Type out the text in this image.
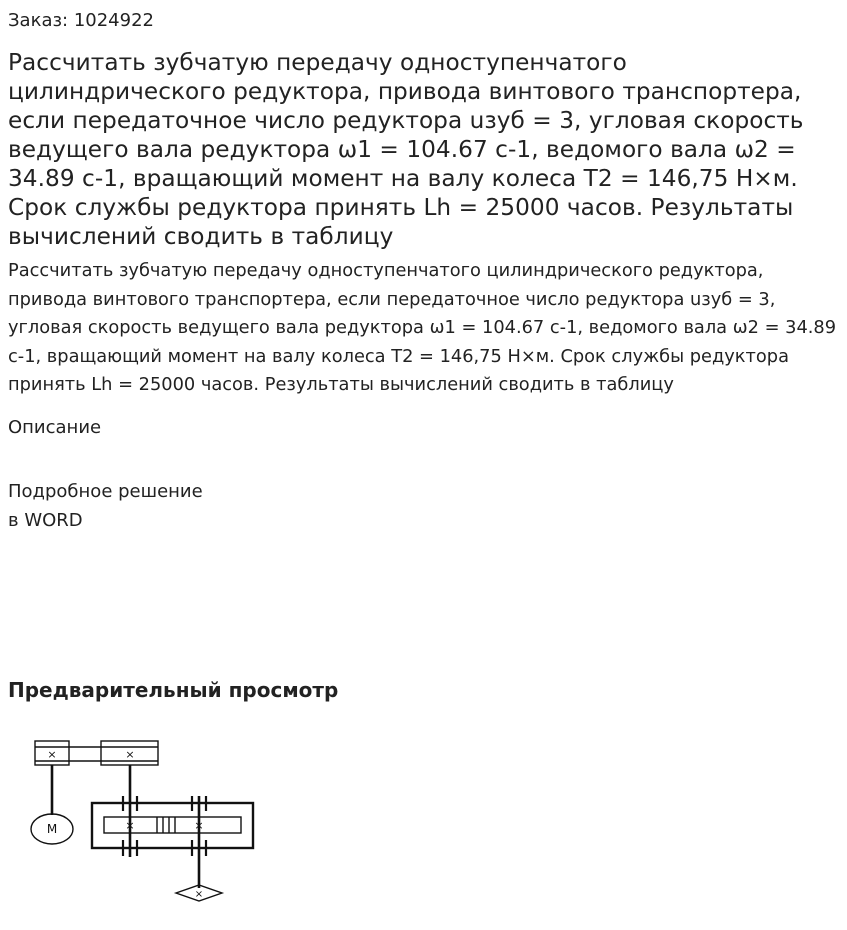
Заказ: 1024922
Рассчитать зубчатую передачу одноступенчатого цилиндрического редуктора, привода винтового транспортера, если передаточное число редуктора uзуб = 3, угловая скорость ведущего вала редуктора ω1 = 104.67 с-1, ведомого вала ω2 = 34.89 с-1, вращающий момент на валу колеса Т2 = 146,75 Н×м. Срок службы редуктора принять Lh = 25000 часов. Результаты вычислений сводить в таблицу

Рассчитать зубчатую передачу одноступенчатого цилиндрического редуктора, привода винтового транспортера, если передаточное число редуктора uзуб = 3, угловая скорость ведущего вала редуктора ω1 = 104.67 с-1, ведомого вала ω2 = 34.89 с-1, вращающий момент на валу колеса Т2 = 146,75 Н×м. Срок службы редуктора принять Lh = 25000 часов. Результаты вычислений сводить в таблицу

Описание
Подробное решение
в WORD
Предварительный просмотр
×	×
M	×	×
×
